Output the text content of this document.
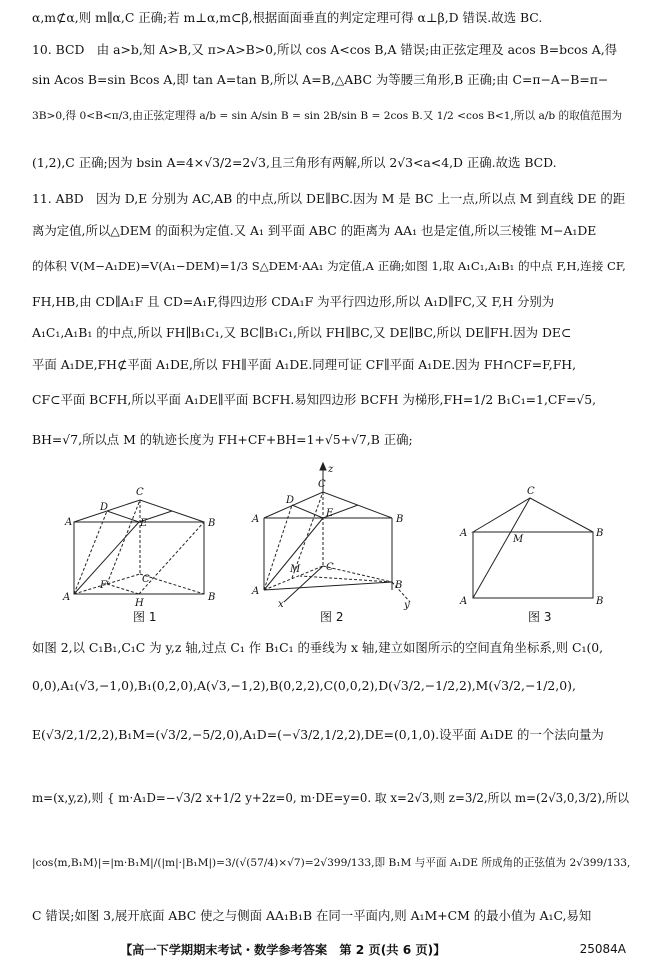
α,m⊄α,则 m∥α,C 正确;若 m⊥α,m⊂β,根据面面垂直的判定定理可得 α⊥β,D 错误.故选 BC.
10. BCD　由 a>b,知 A>B,又 π>A>B>0,所以 cos A<cos B,A 错误;由正弦定理及 acos B=bcos A,得
sin Acos B=sin Bcos A,即 tan A=tan B,所以 A=B,△ABC 为等腰三角形,B 正确;由 C=π−A−B=π−
3B>0,得 0<B<π/3,由正弦定理得 a/b = sin A/sin B = sin 2B/sin B = 2cos B.又 1/2 <cos B<1,所以 a/b 的取值范围为
(1,2),C 正确;因为 bsin A=4×√3/2=2√3,且三角形有两解,所以 2√3<a<4,D 正确.故选 BCD.
11. ABD　因为 D,E 分别为 AC,AB 的中点,所以 DE∥BC.因为 M 是 BC 上一点,所以点 M 到直线 DE 的距
离为定值,所以△DEM 的面积为定值.又 A₁ 到平面 ABC 的距离为 AA₁ 也是定值,所以三棱锥 M−A₁DE
的体积 V(M−A₁DE)=V(A₁−DEM)=1/3 S△DEM·AA₁ 为定值,A 正确;如图 1,取 A₁C₁,A₁B₁ 的中点 F,H,连接 CF,
FH,HB,由 CD∥A₁F 且 CD=A₁F,得四边形 CDA₁F 为平行四边形,所以 A₁D∥FC,又 F,H 分别为
A₁C₁,A₁B₁ 的中点,所以 FH∥B₁C₁,又 BC∥B₁C₁,所以 FH∥BC,又 DE∥BC,所以 DE∥FH.因为 DE⊂
平面 A₁DE,FH⊄平面 A₁DE,所以 FH∥平面 A₁DE.同理可证 CF∥平面 A₁DE.因为 FH∩CF=F,FH,
CF⊂平面 BCFH,所以平面 A₁DE∥平面 BCFH.易知四边形 BCFH 为梯形,FH=1/2 B₁C₁=1,CF=√5,
BH=√7,所以点 M 的轨迹长度为 FH+CF+BH=1+√5+√7,B 正确;
A
C
B
D
E
A	B
H
F
C
图 1
z
A
C
B
E
D
A
B
C
M
x	y
图 2
A
C
B
M
A	B
图 3
如图 2,以 C₁B₁,C₁C 为 y,z 轴,过点 C₁ 作 B₁C₁ 的垂线为 x 轴,建立如图所示的空间直角坐标系,则 C₁(0,
0,0),A₁(√3,−1,0),B₁(0,2,0),A(√3,−1,2),B(0,2,2),C(0,0,2),D(√3/2,−1/2,2),M(√3/2,−1/2,0),
E(√3/2,1/2,2),B₁M=(√3/2,−5/2,0),A₁D=(−√3/2,1/2,2),DE=(0,1,0).设平面 A₁DE 的一个法向量为
m=(x,y,z),则 { m·A₁D=−√3/2 x+1/2 y+2z=0, m·DE=y=0. 取 x=2√3,则 z=3/2,所以 m=(2√3,0,3/2),所以
|cos⟨m,B₁M⟩|=|m·B₁M|/(|m|·|B₁M|)=3/(√(57/4)×√7)=2√399/133,即 B₁M 与平面 A₁DE 所成角的正弦值为 2√399/133,
C 错误;如图 3,展开底面 ABC 使之与侧面 AA₁B₁B 在同一平面内,则 A₁M+CM 的最小值为 A₁C,易知
【高一下学期期末考试・数学参考答案　第 2 页(共 6 页)】	25084A
